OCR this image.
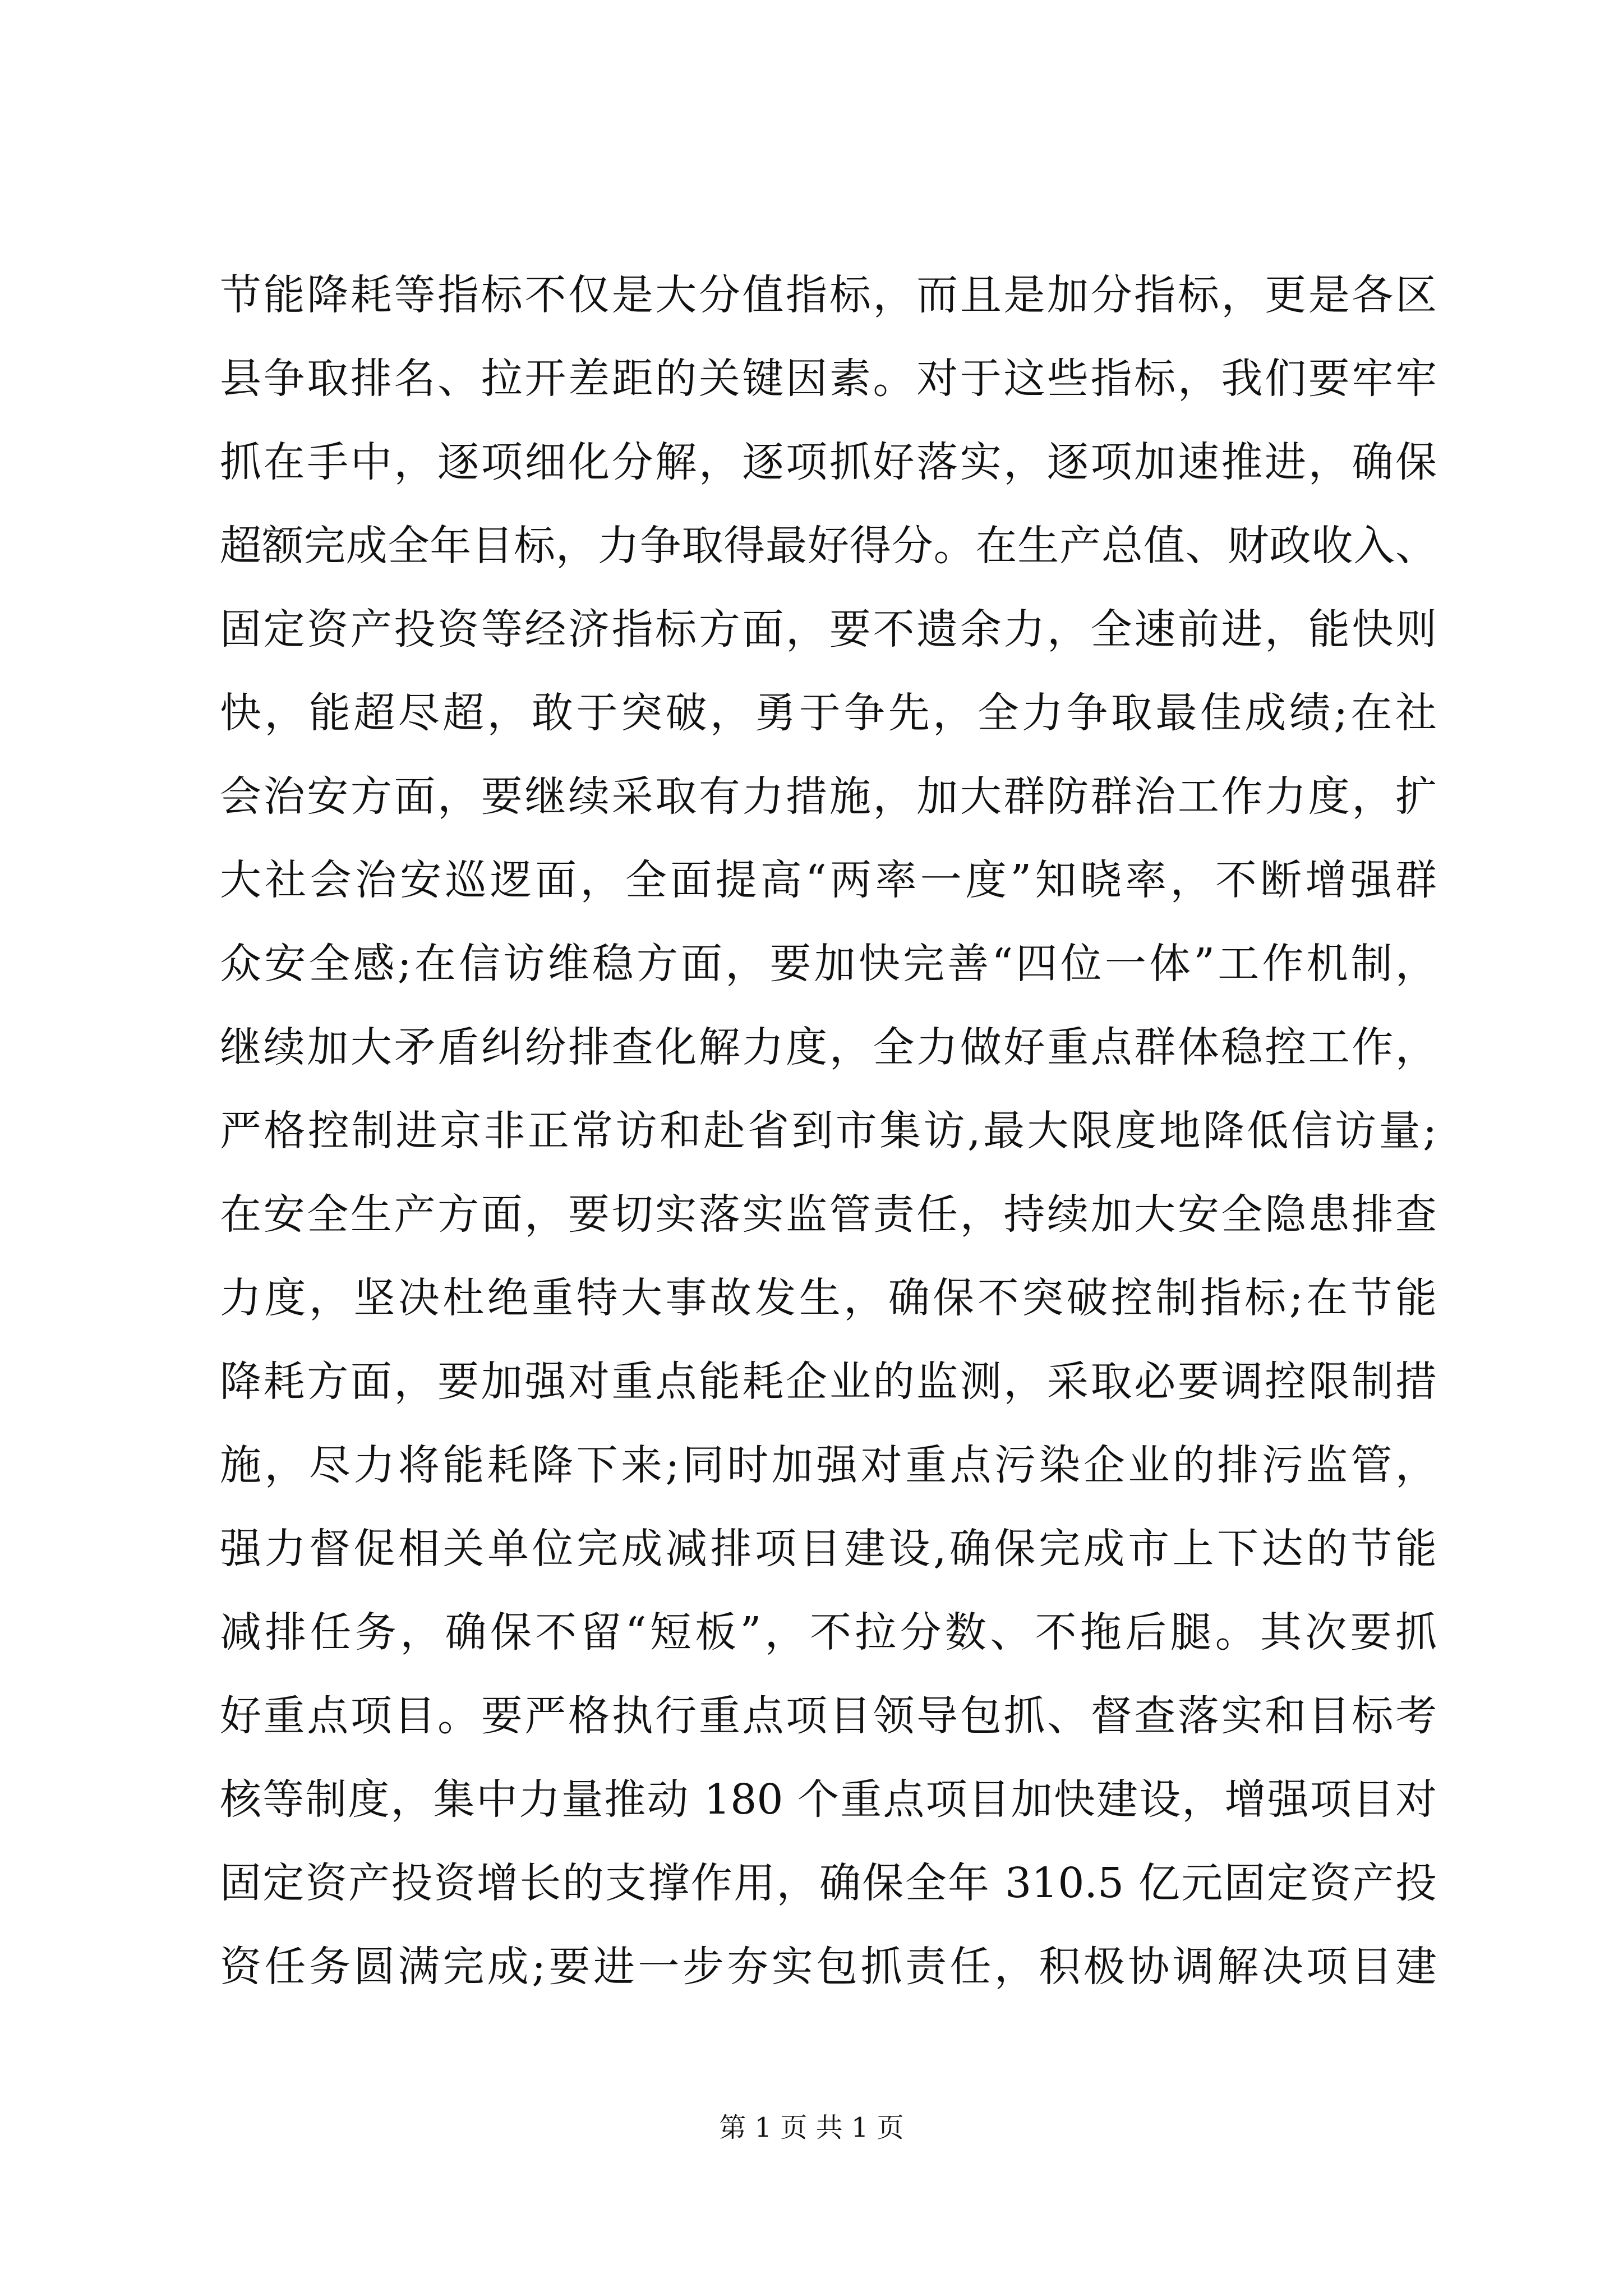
节能降耗等指标不仅是大分值指标，而且是加分指标，更是各区
县争取排名、拉开差距的关键因素。对于这些指标，我们要牢牢
抓在手中，逐项细化分解，逐项抓好落实，逐项加速推进，确保
超额完成全年目标，力争取得最好得分。在生产总值、财政收入、
固定资产投资等经济指标方面，要不遗余力，全速前进，能快则
快，能超尽超，敢于突破，勇于争先，全力争取最佳成绩;在社
会治安方面，要继续采取有力措施，加大群防群治工作力度，扩
大社会治安巡逻面，全面提高“两率一度”知晓率，不断增强群
众安全感;在信访维稳方面，要加快完善“四位一体”工作机制，
继续加大矛盾纠纷排查化解力度，全力做好重点群体稳控工作，
严格控制进京非正常访和赴省到市集访,最大限度地降低信访量;
在安全生产方面，要切实落实监管责任，持续加大安全隐患排查
力度，坚决杜绝重特大事故发生，确保不突破控制指标;在节能
降耗方面，要加强对重点能耗企业的监测，采取必要调控限制措
施，尽力将能耗降下来;同时加强对重点污染企业的排污监管，
强力督促相关单位完成减排项目建设,确保完成市上下达的节能
减排任务，确保不留“短板”，不拉分数、不拖后腿。其次要抓
好重点项目。要严格执行重点项目领导包抓、督查落实和目标考
核等制度，集中力量推动 180 个重点项目加快建设，增强项目对
固定资产投资增长的支撑作用，确保全年 310.5 亿元固定资产投
资任务圆满完成;要进一步夯实包抓责任，积极协调解决项目建
第 1 页 共 1 页
